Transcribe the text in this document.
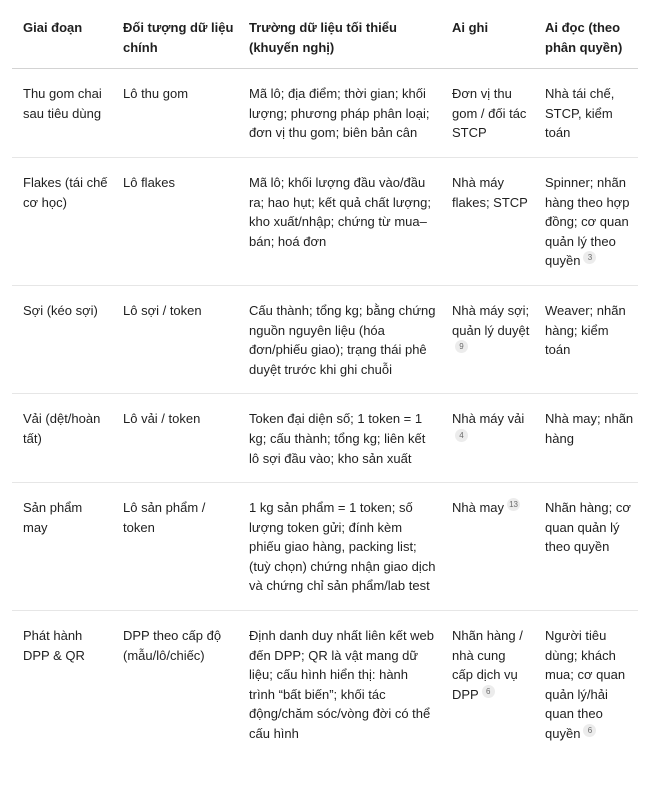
Giai đoạn	Đối tượng dữ liệu chính	Trường dữ liệu tối thiểu (khuyến nghị)	Ai ghi	Ai đọc (theo phân quyền)
Thu gom chai sau tiêu dùng	Lô thu gom	Mã lô; địa điểm; thời gian; khối lượng; phương pháp phân loại; đơn vị thu gom; biên bản cân	Đơn vị thu gom / đối tác STCP	Nhà tái chế, STCP, kiểm toán
Flakes (tái chế cơ học)	Lô flakes	Mã lô; khối lượng đầu vào/đầu ra; hao hụt; kết quả chất lượng; kho xuất/nhập; chứng từ mua–bán; hoá đơn	Nhà máy flakes; STCP	Spinner; nhãn hàng theo hợp đồng; cơ quan quản lý theo quyền 3
Sợi (kéo sợi)	Lô sợi / token	Cấu thành; tổng kg; bằng chứng nguồn nguyên liệu (hóa đơn/phiếu giao); trạng thái phê duyệt trước khi ghi chuỗi	Nhà máy sợi; quản lý duyệt9	Weaver; nhãn hàng; kiểm toán
Vải (dệt/hoàn tất)	Lô vải / token	Token đại diện số; 1 token = 1 kg; cấu thành; tổng kg; liên kết lô sợi đầu vào; kho sản xuất	Nhà máy vải4	Nhà may; nhãn hàng
Sản phẩm may	Lô sản phẩm / token	1 kg sản phẩm = 1 token; số lượng token gửi; đính kèm phiếu giao hàng, packing list; (tuỳ chọn) chứng nhận giao dịch và chứng chỉ sản phẩm/lab test	Nhà may 13	Nhãn hàng; cơ quan quản lý theo quyền
Phát hành DPP & QR	DPP theo cấp độ (mẫu/lô/chiếc)	Định danh duy nhất liên kết web đến DPP; QR là vật mang dữ liệu; cấu hình hiển thị: hành trình “bất biến”; khối tác động/chăm sóc/vòng đời có thể cấu hình	Nhãn hàng / nhà cung cấp dịch vụ DPP 6	Người tiêu dùng; khách mua; cơ quan quản lý/hải quan theo quyền 6
